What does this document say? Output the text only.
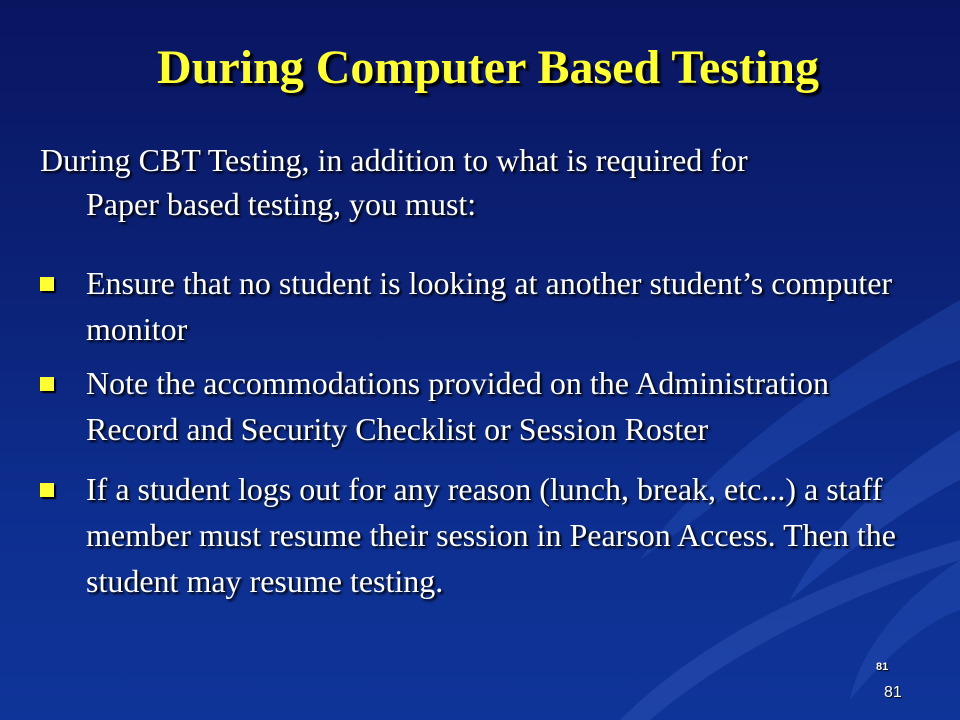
During Computer Based Testing
During CBT Testing, in addition to what is required for
Paper based testing, you must:
Ensure that no student is looking at another student’s computer monitor
Note the accommodations provided on the Administration Record and Security Checklist or Session Roster
If a student logs out for any reason (lunch, break, etc...) a staff member must resume their session in Pearson Access. Then the student may resume testing.
81
81
